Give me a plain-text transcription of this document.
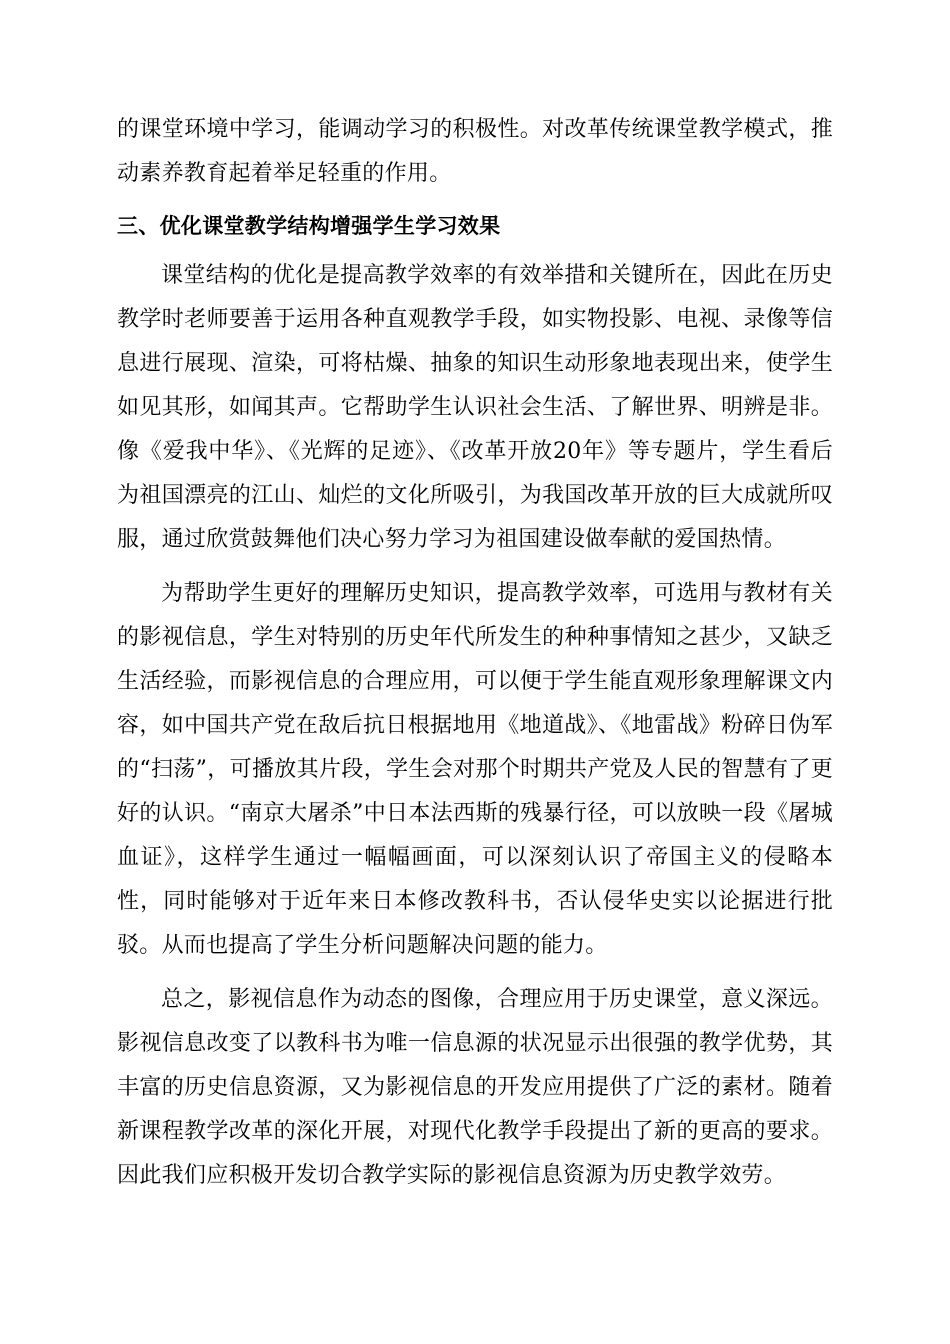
的课堂环境中学习，能调动学习的积极性。对改革传统课堂教学模式，推动素养教育起着举足轻重的作用。

三、优化课堂教学结构增强学生学习效果

课堂结构的优化是提高教学效率的有效举措和关键所在，因此在历史教学时老师要善于运用各种直观教学手段，如实物投影、电视、录像等信息进行展现、渲染，可将枯燥、抽象的知识生动形象地表现出来，使学生如见其形，如闻其声。它帮助学生认识社会生活、了解世界、明辨是非。像《爱我中华》、《光辉的足迹》、《改革开放20年》等专题片，学生看后为祖国漂亮的江山、灿烂的文化所吸引，为我国改革开放的巨大成就所叹服，通过欣赏鼓舞他们决心努力学习为祖国建设做奉献的爱国热情。

为帮助学生更好的理解历史知识，提高教学效率，可选用与教材有关的影视信息，学生对特别的历史年代所发生的种种事情知之甚少，又缺乏生活经验，而影视信息的合理应用，可以便于学生能直观形象理解课文内容，如中国共产党在敌后抗日根据地用《地道战》、《地雷战》粉碎日伪军的“扫荡”，可播放其片段，学生会对那个时期共产党及人民的智慧有了更好的认识。“南京大屠杀”中日本法西斯的残暴行径，可以放映一段《屠城血证》，这样学生通过一幅幅画面，可以深刻认识了帝国主义的侵略本性，同时能够对于近年来日本修改教科书，否认侵华史实以论据进行批驳。从而也提高了学生分析问题解决问题的能力。

总之，影视信息作为动态的图像，合理应用于历史课堂，意义深远。影视信息改变了以教科书为唯一信息源的状况显示出很强的教学优势，其丰富的历史信息资源，又为影视信息的开发应用提供了广泛的素材。随着新课程教学改革的深化开展，对现代化教学手段提出了新的更高的要求。因此我们应积极开发切合教学实际的影视信息资源为历史教学效劳。
